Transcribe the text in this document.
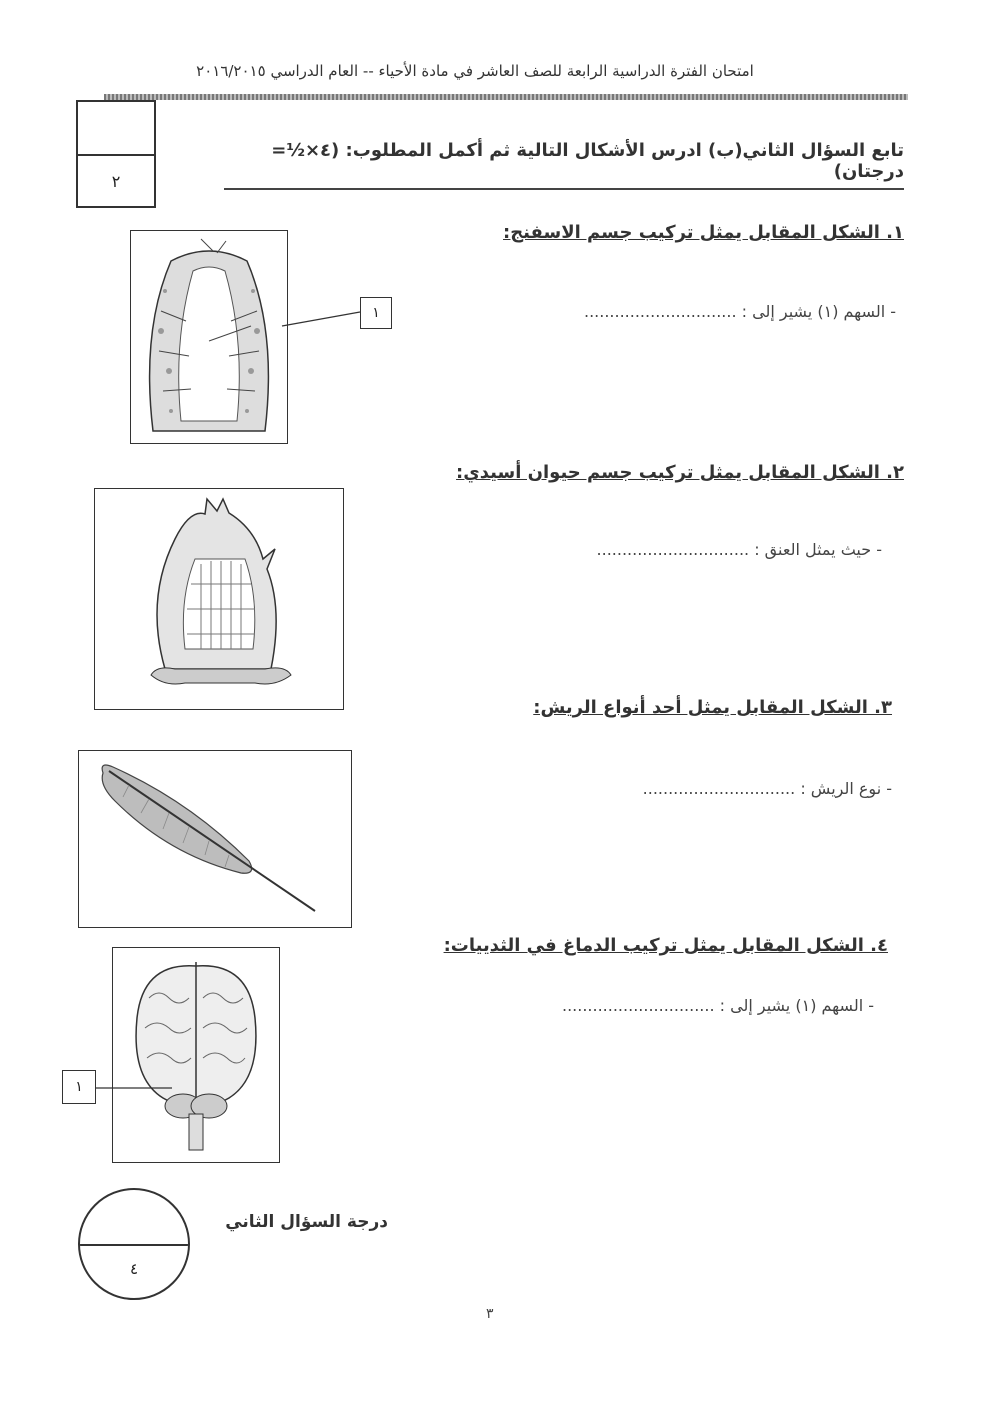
امتحان الفترة الدراسية الرابعة للصف العاشر في مادة الأحياء -- العام الدراسي ٢٠١٦/٢٠١٥
٢
تابع السؤال الثاني(ب) ادرس الأشكال التالية ثم أكمل المطلوب: (٤×½= درجتان)
١. الشكل المقابل يمثل تركيب جسم الاسفنج:
- السهم (١) يشير إلى : ..............................
١
٢. الشكل المقابل يمثل تركيب جسم حيوان أسيدي:
- حيث يمثل العنق : ..............................
٣. الشكل المقابل يمثل أحد أنواع الريش:
- نوع الريش : ..............................
٤. الشكل المقابل يمثل تركيب الدماغ في الثدييات:
- السهم (١) يشير إلى : ..............................
١
٤
درجة السؤال الثاني
٣
